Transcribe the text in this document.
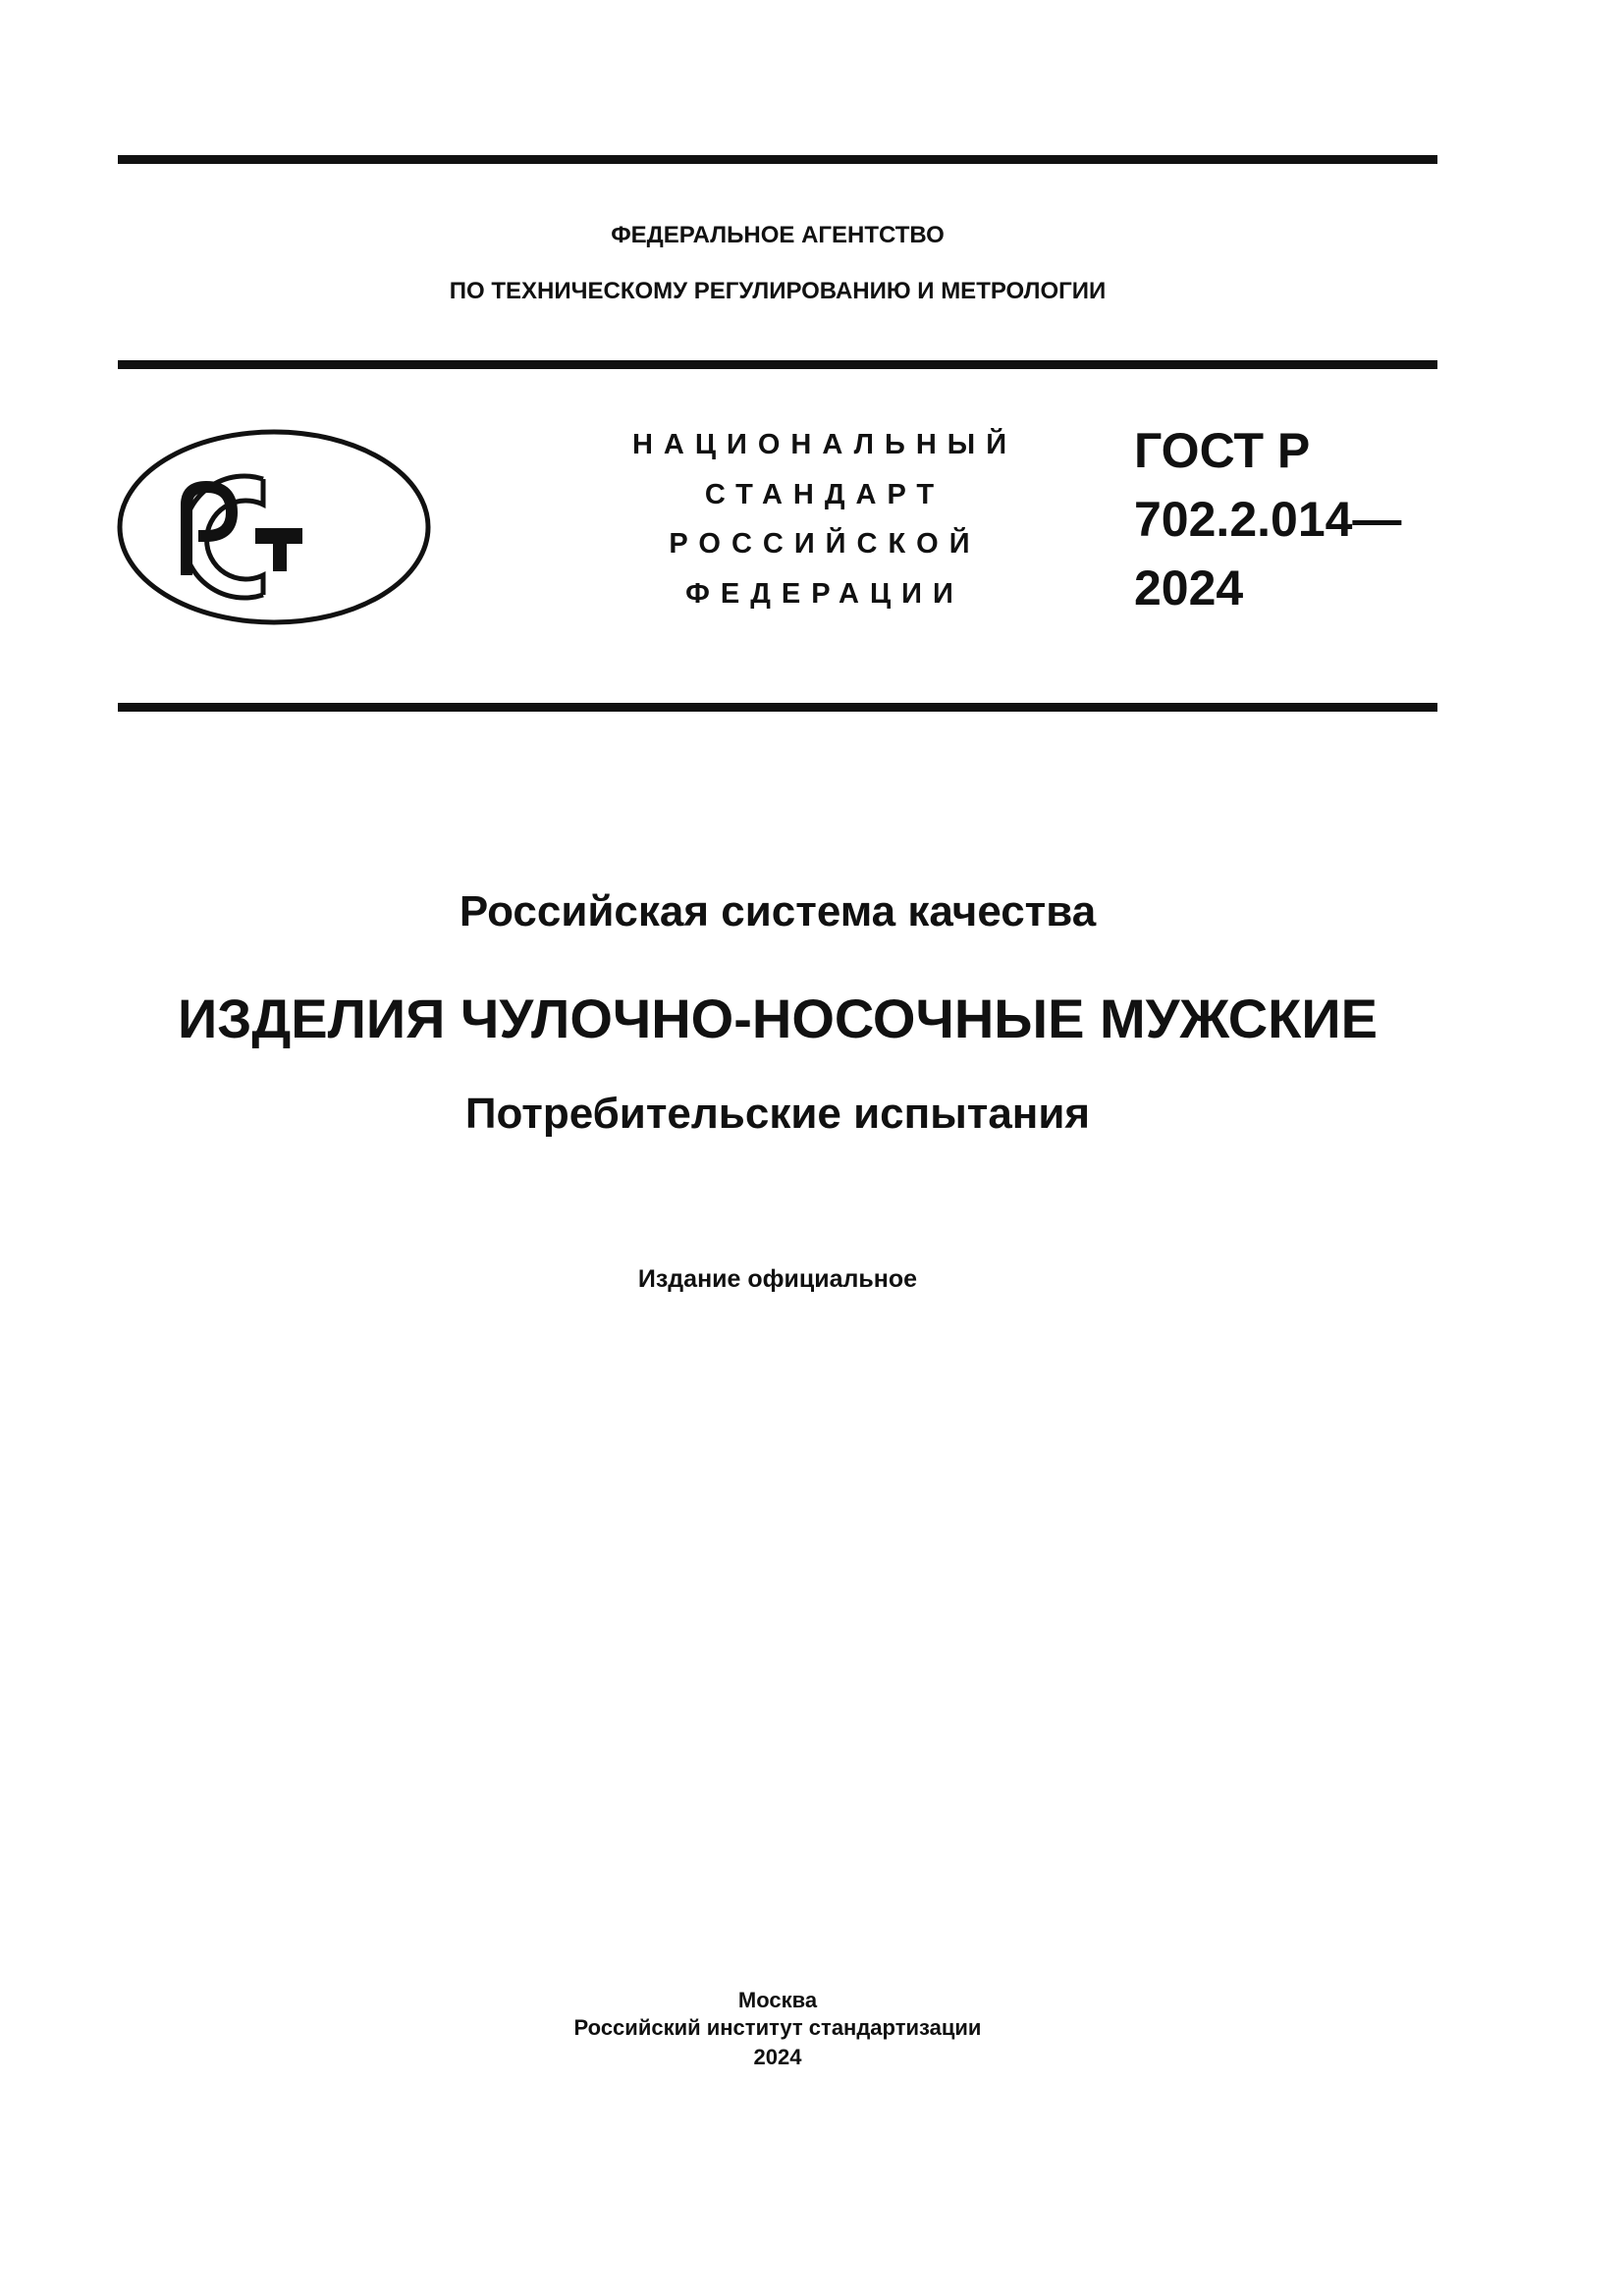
ФЕДЕРАЛЬНОЕ АГЕНТСТВО
ПО ТЕХНИЧЕСКОМУ РЕГУЛИРОВАНИЮ И МЕТРОЛОГИИ
НАЦИОНАЛЬНЫЙ
СТАНДАРТ
РОССИЙСКОЙ
ФЕДЕРАЦИИ
ГОСТ Р
702.2.014—
2024
Российская система качества
ИЗДЕЛИЯ ЧУЛОЧНО-НОСОЧНЫЕ МУЖСКИЕ
Потребительские испытания
Издание официальное
Москва
Российский институт стандартизации
2024
